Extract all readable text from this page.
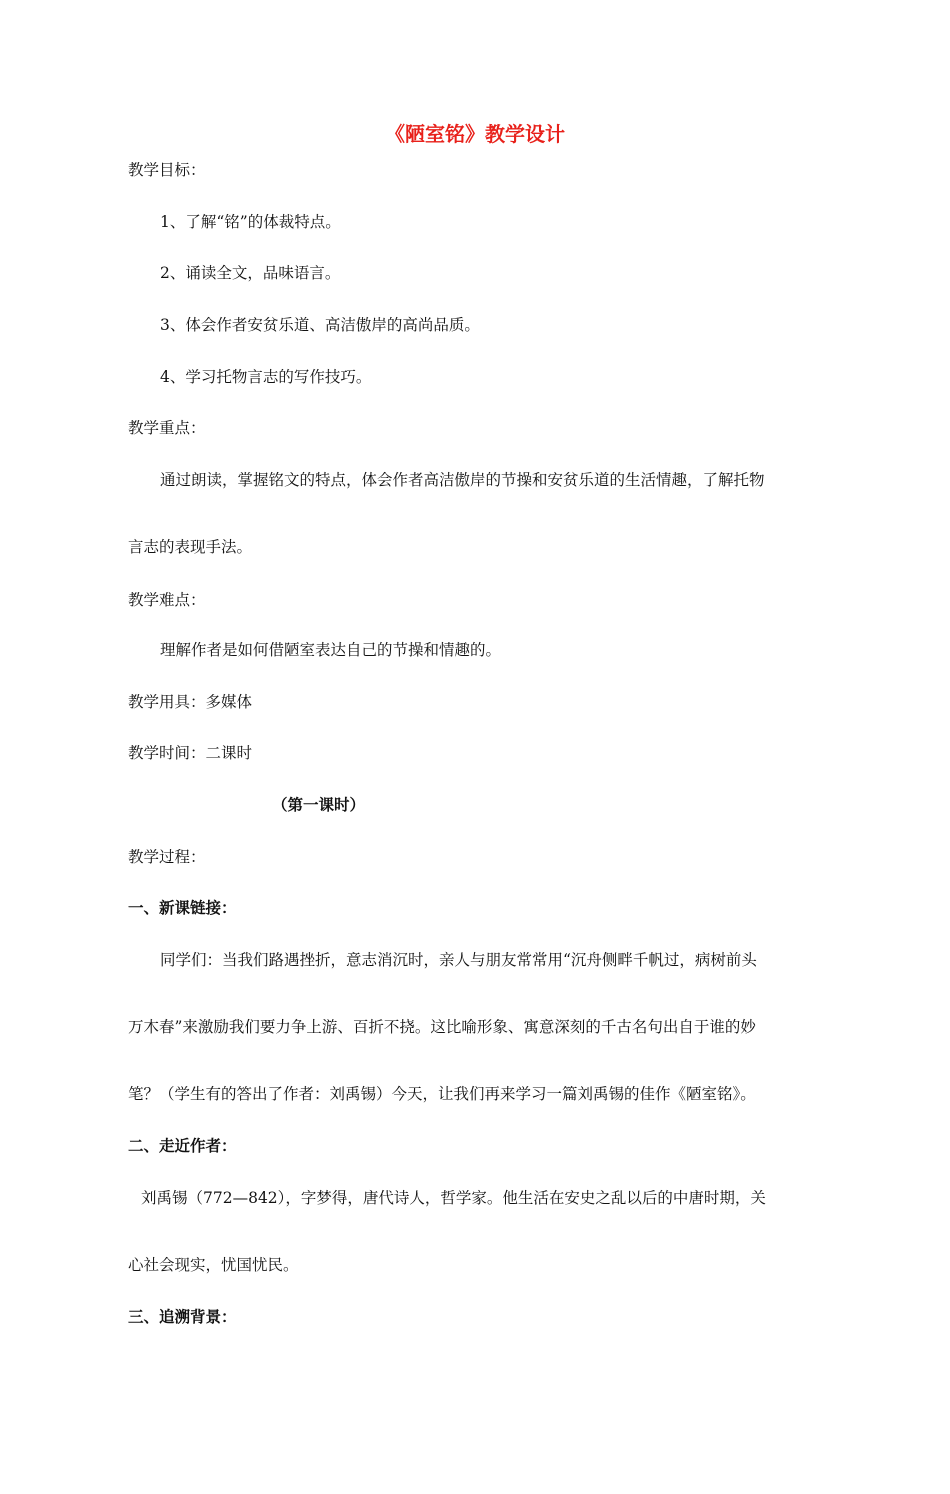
《陋室铭》教学设计
教学目标：
1、了解“铭”的体裁特点。
2、诵读全文，品味语言。
3、体会作者安贫乐道、高洁傲岸的高尚品质。
4、学习托物言志的写作技巧。
教学重点：
通过朗读，掌握铭文的特点，体会作者高洁傲岸的节操和安贫乐道的生活情趣，了解托物
言志的表现手法。
教学难点：
理解作者是如何借陋室表达自己的节操和情趣的。
教学用具：多媒体
教学时间：二课时
（第一课时）
教学过程：
一、新课链接：
同学们：当我们路遇挫折，意志消沉时，亲人与朋友常常用“沉舟侧畔千帆过，病树前头
万木春”来激励我们要力争上游、百折不挠。这比喻形象、寓意深刻的千古名句出自于谁的妙
笔？（学生有的答出了作者：刘禹锡）今天，让我们再来学习一篇刘禹锡的佳作《陋室铭》。
二、走近作者：
刘禹锡（772—842），字梦得，唐代诗人，哲学家。他生活在安史之乱以后的中唐时期，关
心社会现实，忧国忧民。
三、追溯背景：
